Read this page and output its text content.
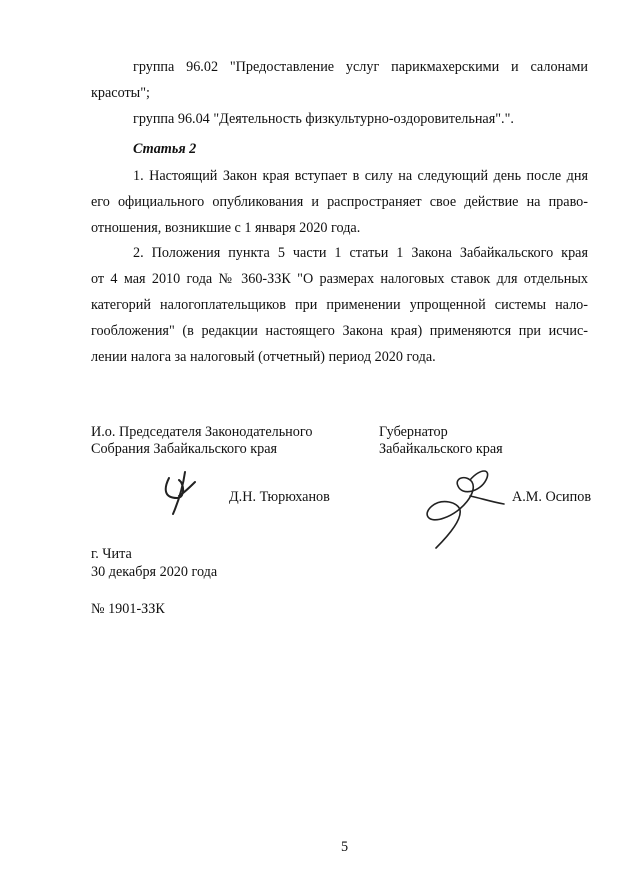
группа 96.02 "Предоставление услуг парикмахерскими и салонами
красоты";
группа 96.04 "Деятельность физкультурно-оздоровительная".".
Статья 2
1. Настоящий Закон края вступает в силу на следующий день после дня
его официального опубликования и распространяет свое действие на право-
отношения, возникшие с 1 января 2020 года.
2. Положения пункта 5 части 1 статьи 1 Закона Забайкальского края
от 4 мая 2010 года № 360-ЗЗК "О размерах налоговых ставок для отдельных
категорий налогоплательщиков при применении упрощенной системы нало-
гообложения" (в редакции настоящего Закона края) применяются при исчис-
лении налога за налоговый (отчетный) период 2020 года.
И.о. Председателя Законодательного
Собрания Забайкальского края
Губернатор
Забайкальского края
Д.Н. Тюрюханов	А.М. Осипов
г. Чита
30 декабря 2020 года
№ 1901-ЗЗК
5
